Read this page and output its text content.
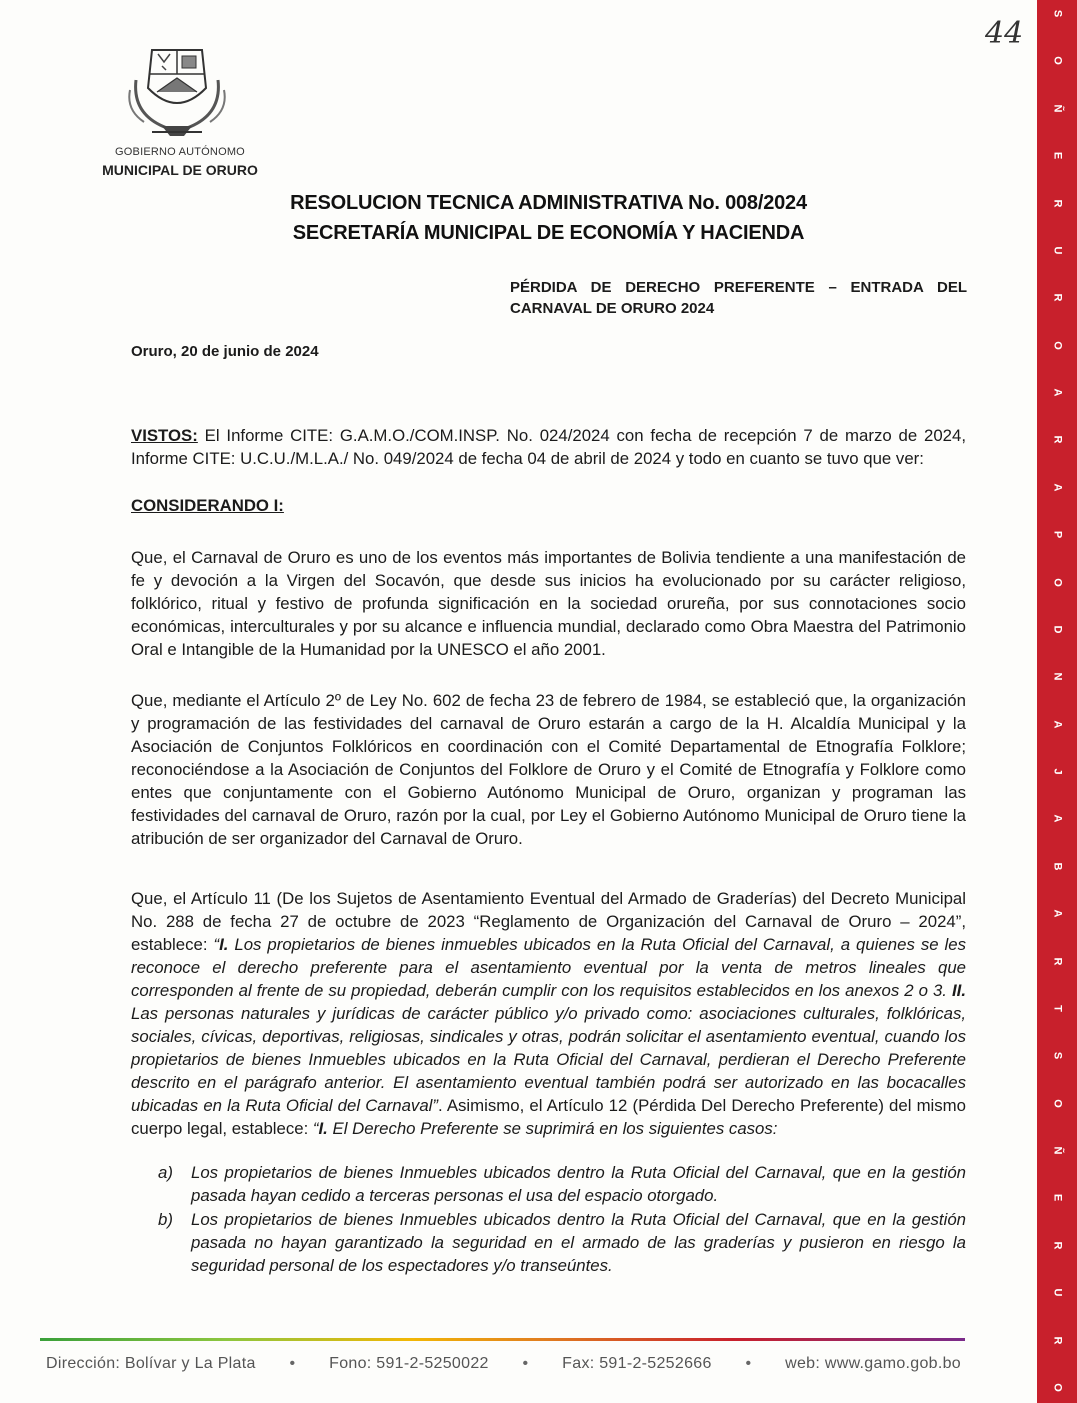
S
O
Ñ
E
R
U
R
O
A
R
A
P
O
D
N
A
J
A
B
A
R
T
S
O
Ñ
E
R
U
R
O
44
GOBIERNO AUTÓNOMO
MUNICIPAL DE ORURO
RESOLUCION TECNICA ADMINISTRATIVA No. 008/2024
SECRETARÍA MUNICIPAL DE ECONOMÍA Y HACIENDA
PÉRDIDA DE DERECHO PREFERENTE – ENTRADA DEL CARNAVAL DE ORURO 2024
Oruro, 20 de junio de 2024
VISTOS: El Informe CITE: G.A.M.O./COM.INSP. No. 024/2024 con fecha de recepción 7 de marzo de 2024, Informe CITE: U.C.U./M.L.A./ No. 049/2024 de fecha 04 de abril de 2024 y todo en cuanto se tuvo que ver:
CONSIDERANDO I:
Que, el Carnaval de Oruro es uno de los eventos más importantes de Bolivia tendiente a una manifestación de fe y devoción a la Virgen del Socavón, que desde sus inicios ha evolucionado por su carácter religioso, folklórico, ritual y festivo de profunda significación en la sociedad orureña, por sus connotaciones socio económicas, interculturales y por su alcance e influencia mundial, declarado como Obra Maestra del Patrimonio Oral e Intangible de la Humanidad por la UNESCO el año 2001.
Que, mediante el Artículo 2º de Ley No. 602 de fecha 23 de febrero de 1984, se estableció que, la organización y programación de las festividades del carnaval de Oruro estarán a cargo de la H. Alcaldía Municipal y la Asociación de Conjuntos Folklóricos en coordinación con el Comité Departamental de Etnografía Folklore; reconociéndose a la Asociación de Conjuntos del Folklore de Oruro y el Comité de Etnografía y Folklore como entes que conjuntamente con el Gobierno Autónomo Municipal de Oruro, organizan y programan las festividades del carnaval de Oruro, razón por la cual, por Ley el Gobierno Autónomo Municipal de Oruro tiene la atribución de ser organizador del Carnaval de Oruro.
Que, el Artículo 11 (De los Sujetos de Asentamiento Eventual del Armado de Graderías) del Decreto Municipal No. 288 de fecha 27 de octubre de 2023 “Reglamento de Organización del Carnaval de Oruro – 2024”, establece: “I. Los propietarios de bienes inmuebles ubicados en la Ruta Oficial del Carnaval, a quienes se les reconoce el derecho preferente para el asentamiento eventual por la venta de metros lineales que corresponden al frente de su propiedad, deberán cumplir con los requisitos establecidos en los anexos 2 o 3. II. Las personas naturales y jurídicas de carácter público y/o privado como: asociaciones culturales, folklóricas, sociales, cívicas, deportivas, religiosas, sindicales y otras, podrán solicitar el asentamiento eventual, cuando los propietarios de bienes Inmuebles ubicados en la Ruta Oficial del Carnaval, perdieran el Derecho Preferente descrito en el parágrafo anterior. El asentamiento eventual también podrá ser autorizado en las bocacalles ubicadas en la Ruta Oficial del Carnaval”. Asimismo, el Artículo 12 (Pérdida Del Derecho Preferente) del mismo cuerpo legal, establece: “I. El Derecho Preferente se suprimirá en los siguientes casos:
a) Los propietarios de bienes Inmuebles ubicados dentro la Ruta Oficial del Carnaval, que en la gestión pasada hayan cedido a terceras personas el usa del espacio otorgado.
b) Los propietarios de bienes Inmuebles ubicados dentro la Ruta Oficial del Carnaval, que en la gestión pasada no hayan garantizado la seguridad en el armado de las graderías y pusieron en riesgo la seguridad personal de los espectadores y/o transeúntes.
Dirección: Bolívar y La Plata • Fono: 591-2-5250022 • Fax: 591-2-5252666 • web: www.gamo.gob.bo
